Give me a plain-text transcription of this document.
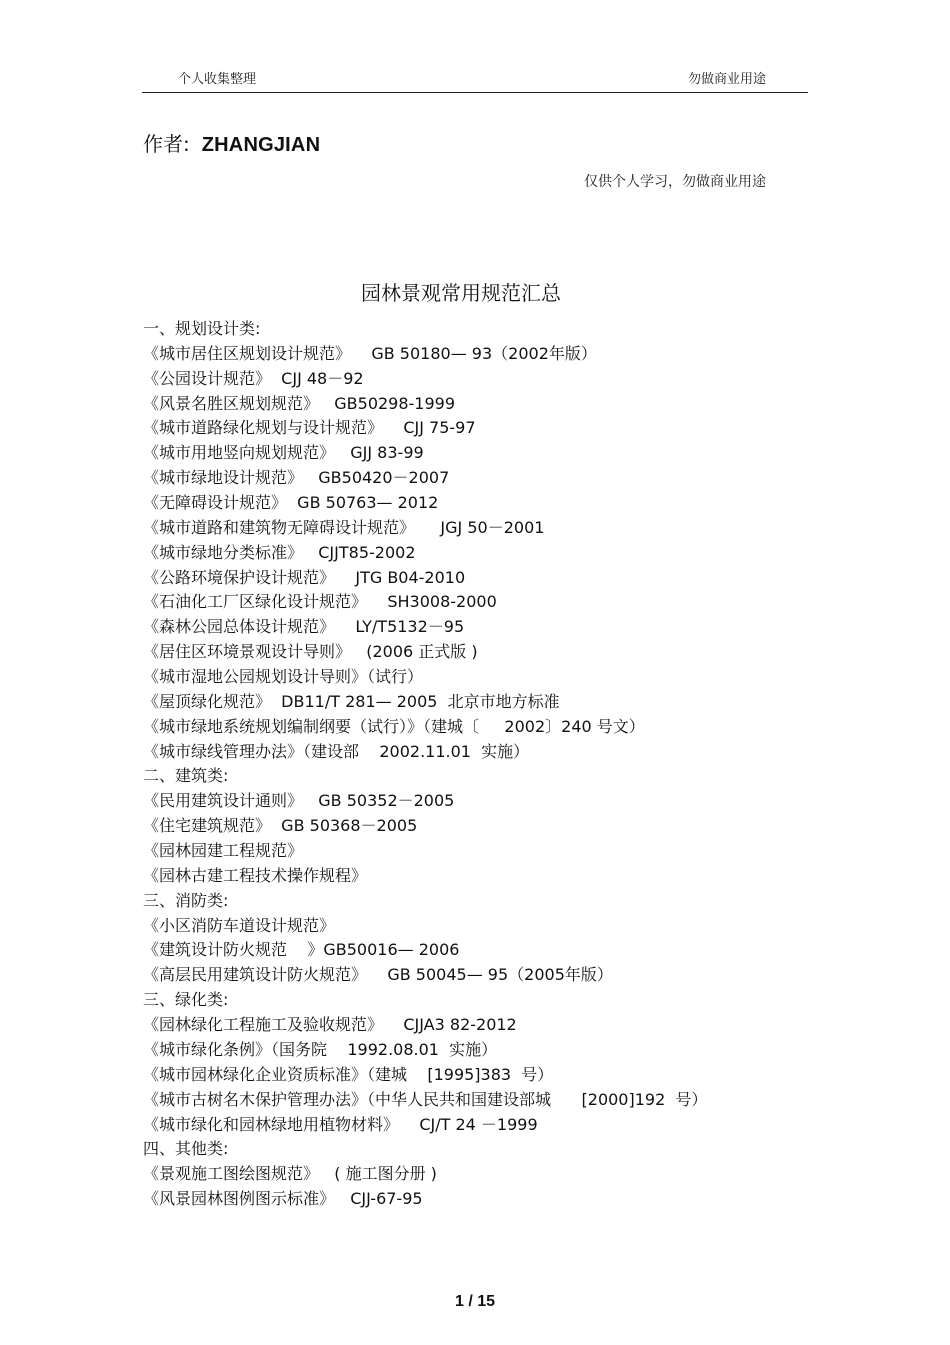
个人收集整理	勿做商业用途
作者: ZHANGJIAN
仅供个人学习，勿做商业用途
园林景观常用规范汇总
一、规划设计类:
《城市居住区规划设计规范》    GB 50180— 93（2002年版）
《公园设计规范》  CJJ 48－92
《风景名胜区规划规范》   GB50298-1999
《城市道路绿化规划与设计规范》    CJJ 75-97
《城市用地竖向规划规范》   GJJ 83-99
《城市绿地设计规范》   GB50420－2007
《无障碍设计规范》  GB 50763— 2012
《城市道路和建筑物无障碍设计规范》     JGJ 50－2001
《城市绿地分类标准》   CJJT85-2002
《公路环境保护设计规范》    JTG B04-2010
《石油化工厂区绿化设计规范》    SH3008-2000
《森林公园总体设计规范》    LY/T5132－95
《居住区环境景观设计导则》   (2006 正式版 )
《城市湿地公园规划设计导则》（试行）
《屋顶绿化规范》  DB11/T 281— 2005  北京市地方标准
《城市绿地系统规划编制纲要（试行）》（建城〔     2002〕240 号文）
《城市绿线管理办法》（建设部    2002.11.01  实施）
二、建筑类:
《民用建筑设计通则》   GB 50352－2005
《住宅建筑规范》  GB 50368－2005
《园林园建工程规范》
《园林古建工程技术操作规程》
三、消防类:
《小区消防车道设计规范》
《建筑设计防火规范    》GB50016— 2006
《高层民用建筑设计防火规范》    GB 50045— 95（2005年版）
三、绿化类:
《园林绿化工程施工及验收规范》    CJJA3 82-2012
《城市绿化条例》（国务院    1992.08.01  实施）
《城市园林绿化企业资质标准》（建城    [1995]383  号）
《城市古树名木保护管理办法》（中华人民共和国建设部城      [2000]192  号）
《城市绿化和园林绿地用植物材料》    CJ/T 24 －1999
四、其他类:
《景观施工图绘图规范》   ( 施工图分册 )
《风景园林图例图示标准》   CJJ-67-95
1 / 15
